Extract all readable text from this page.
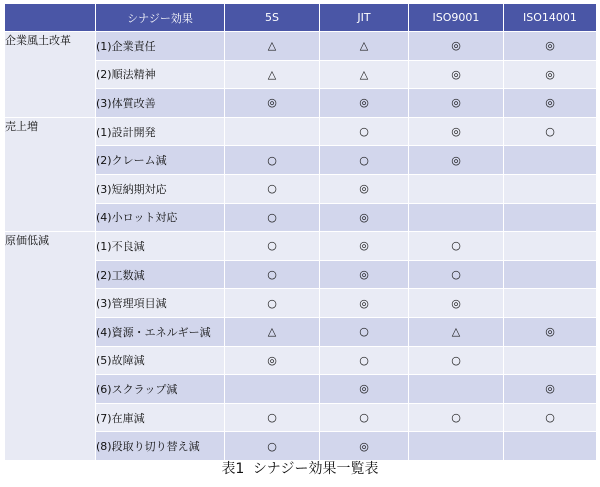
	シナジー効果	5S	JIT	ISO9001	ISO14001
企業風土改革	(1)企業責任	△	△	◎	◎
	(2)順法精神	△	△	◎	◎
	(3)体質改善	◎	◎	◎	◎
売上増	(1)設計開発		○	◎	○
	(2)クレーム減	○	○	◎	
	(3)短納期対応	○	◎		
	(4)小ロット対応	○	◎		
原価低減	(1)不良減	○	◎	○	
	(2)工数減	○	◎	○	
	(3)管理項目減	○	◎	◎	
	(4)資源・エネルギー減	△	○	△	◎
	(5)故障減	◎	○	○	
	(6)スクラップ減		◎		◎
	(7)在庫減	○	○	○	○
	(8)段取り切り替え減	○	◎		
表1 シナジー効果一覧表
